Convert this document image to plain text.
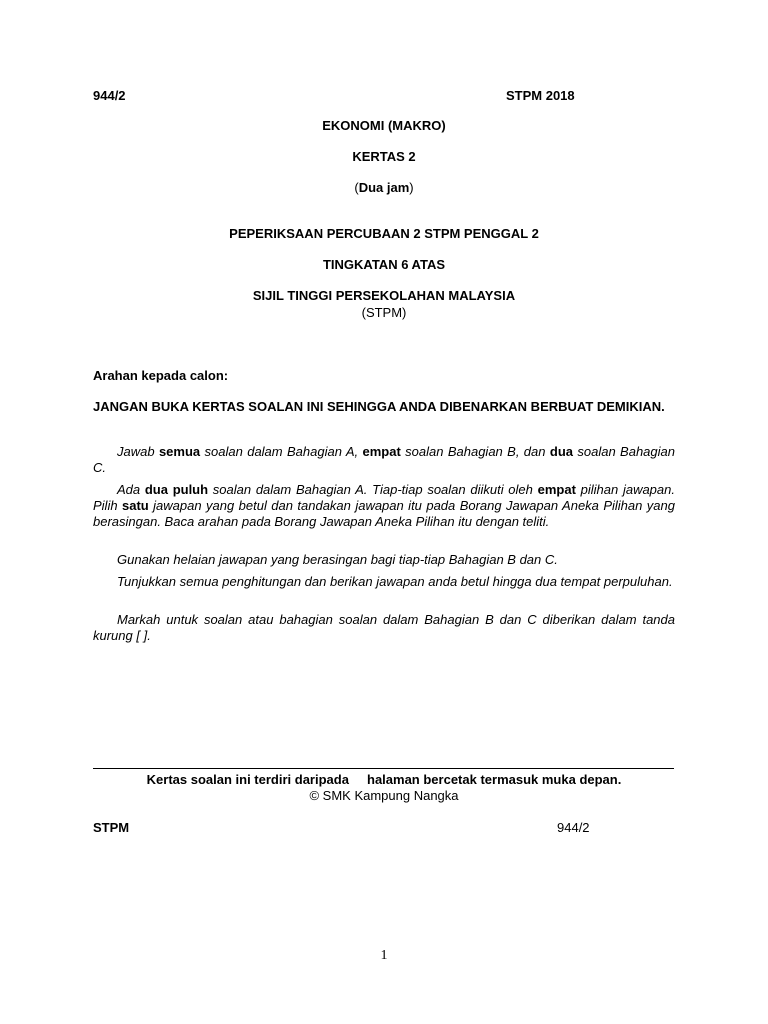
944/2	STPM 2018
EKONOMI (MAKRO)
KERTAS 2
(Dua jam)
PEPERIKSAAN PERCUBAAN 2 STPM PENGGAL 2
TINGKATAN 6 ATAS
SIJIL TINGGI PERSEKOLAHAN MALAYSIA
(STPM)
Arahan kepada calon:
JANGAN BUKA KERTAS SOALAN INI SEHINGGA ANDA DIBENARKAN BERBUAT DEMIKIAN.
Jawab semua soalan dalam Bahagian A, empat soalan Bahagian B, dan dua soalan Bahagian C.
Ada dua puluh soalan dalam Bahagian A. Tiap-tiap soalan diikuti oleh empat pilihan jawapan. Pilih satu jawapan yang betul dan tandakan jawapan itu pada Borang Jawapan Aneka Pilihan yang berasingan. Baca arahan pada Borang Jawapan Aneka Pilihan itu dengan teliti.
Gunakan helaian jawapan yang berasingan bagi tiap-tiap Bahagian B dan C.
Tunjukkan semua penghitungan dan berikan jawapan anda betul hingga dua tempat perpuluhan.
Markah untuk soalan atau bahagian soalan dalam Bahagian B dan C diberikan dalam tanda kurung [ ].
Kertas soalan ini terdiri daripada     halaman bercetak termasuk muka depan.
© SMK Kampung Nangka
STPM	944/2
1
